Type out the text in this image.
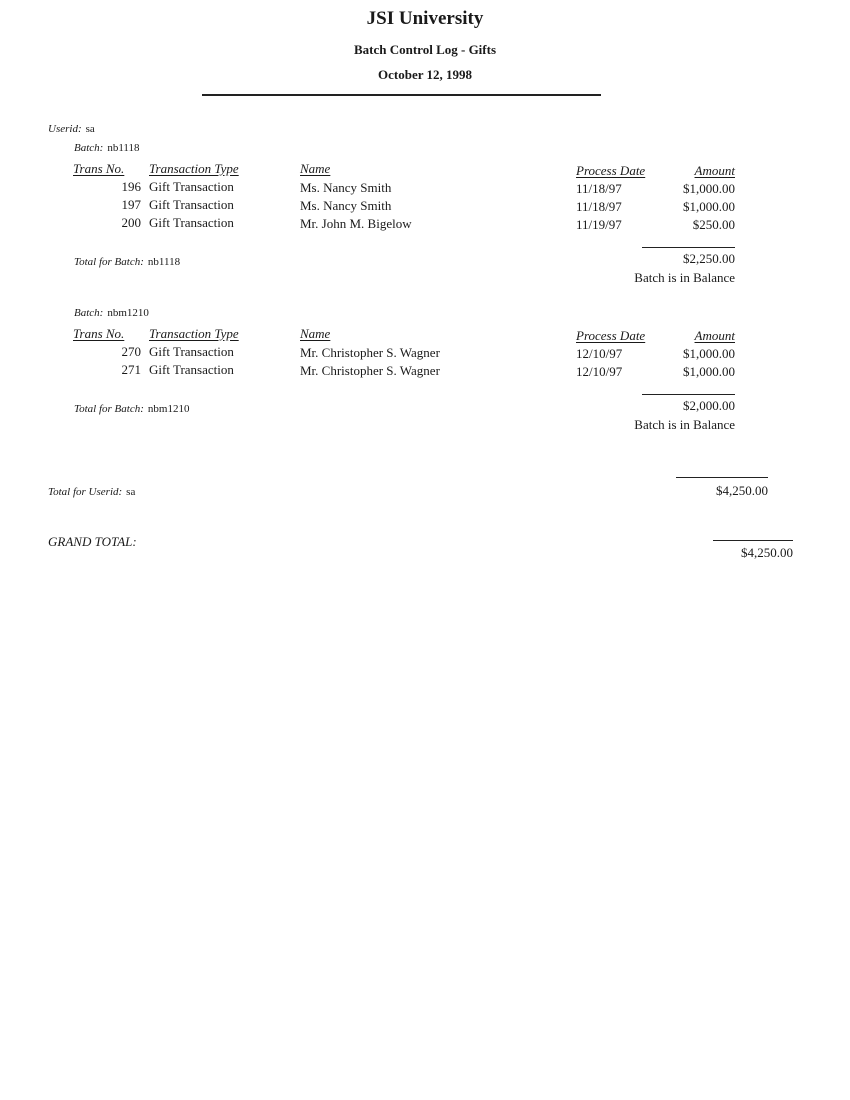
JSI University
Batch Control Log - Gifts
October 12, 1998
Userid: sa
Batch: nb1118
Trans No. Transaction Type	Name	Process Date	Amount
196 Gift Transaction	Ms. Nancy Smith	11/18/97	$1,000.00
197 Gift Transaction	Ms. Nancy Smith	11/18/97	$1,000.00
200 Gift Transaction	Mr. John M. Bigelow	11/19/97	$250.00
Total for Batch: nb1118	$2,250.00
Batch is in Balance
Batch: nbm1210
Trans No. Transaction Type	Name	Process Date	Amount
270 Gift Transaction	Mr. Christopher S. Wagner	12/10/97	$1,000.00
271 Gift Transaction	Mr. Christopher S. Wagner	12/10/97	$1,000.00
Total for Batch: nbm1210	$2,000.00
Batch is in Balance
Total for Userid: sa	$4,250.00
GRAND TOTAL:
$4,250.00
